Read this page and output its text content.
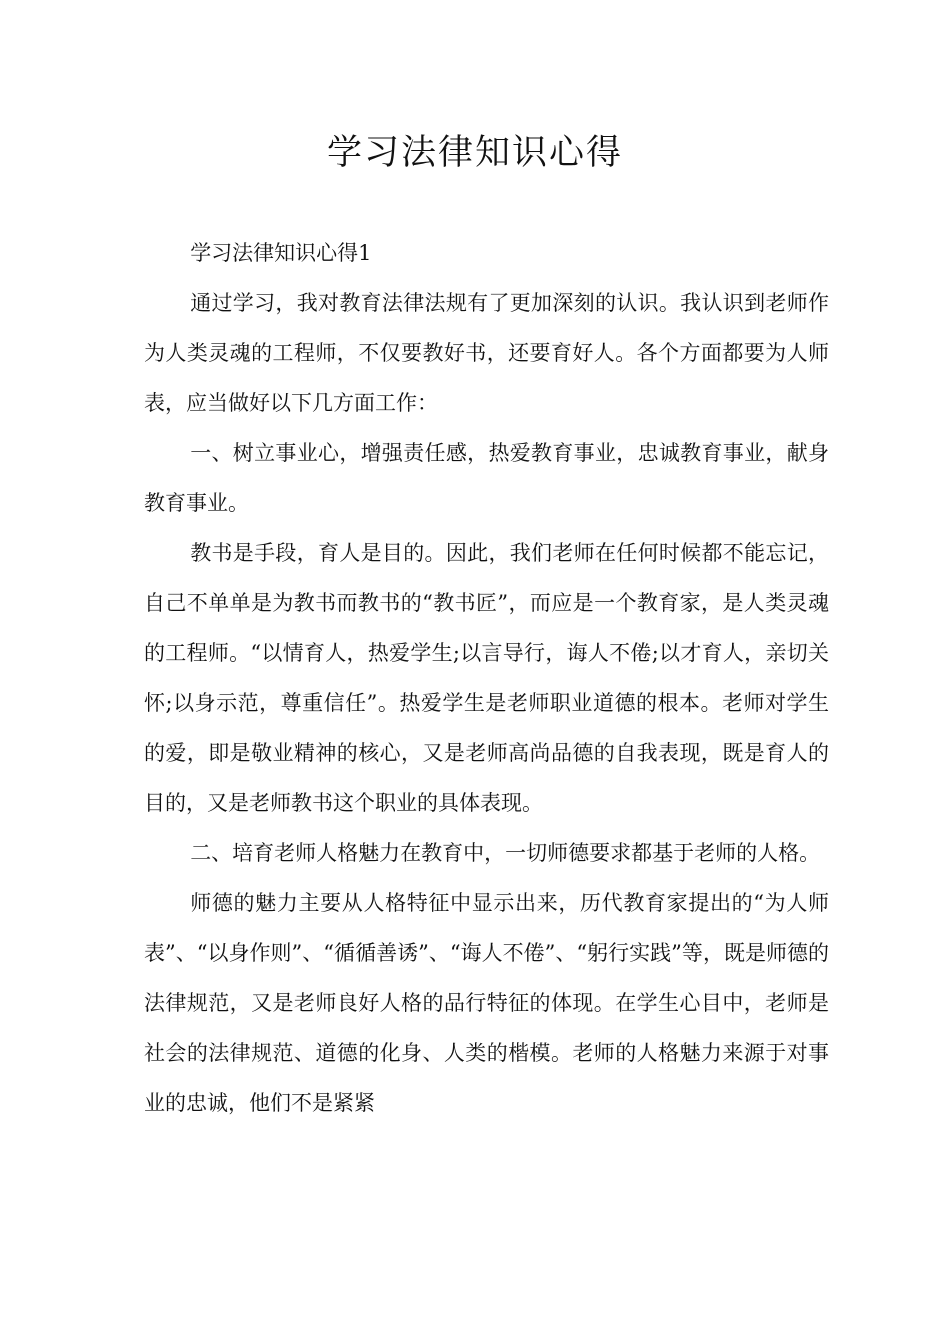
学习法律知识心得

学习法律知识心得1

通过学习，我对教育法律法规有了更加深刻的认识。我认识到老师作为人类灵魂的工程师，不仅要教好书，还要育好人。各个方面都要为人师表，应当做好以下几方面工作：

一、树立事业心，增强责任感，热爱教育事业，忠诚教育事业，献身教育事业。

教书是手段，育人是目的。因此，我们老师在任何时候都不能忘记，自己不单单是为教书而教书的“教书匠”，而应是一个教育家，是人类灵魂的工程师。“以情育人，热爱学生;以言导行，诲人不倦;以才育人，亲切关怀;以身示范，尊重信任”。热爱学生是老师职业道德的根本。老师对学生的爱，即是敬业精神的核心，又是老师高尚品德的自我表现，既是育人的目的，又是老师教书这个职业的具体表现。

二、培育老师人格魅力在教育中，一切师德要求都基于老师的人格。

师德的魅力主要从人格特征中显示出来，历代教育家提出的“为人师表”、“以身作则”、“循循善诱”、“诲人不倦”、“躬行实践”等，既是师德的法律规范，又是老师良好人格的品行特征的体现。在学生心目中，老师是社会的法律规范、道德的化身、人类的楷模。老师的人格魅力来源于对事业的忠诚，他们不是紧紧
